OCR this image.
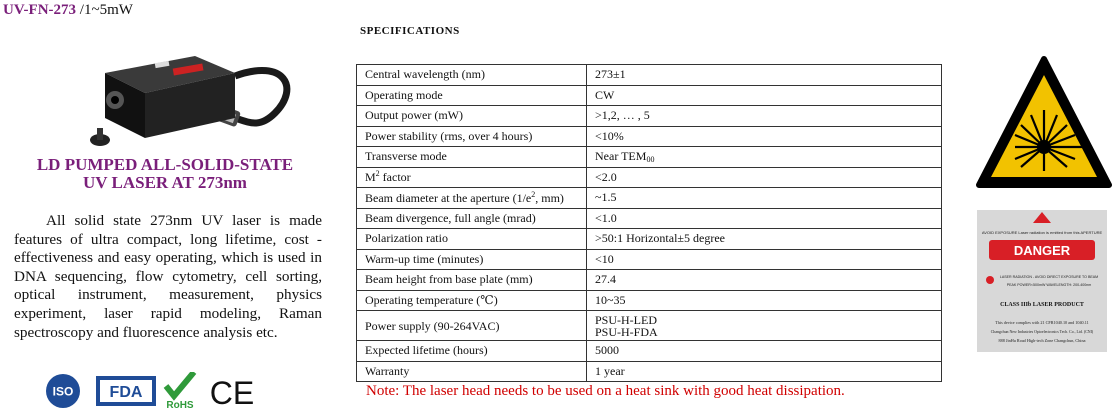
UV-FN-273 /1~5mW
LD PUMPED ALL-SOLID-STATE
UV LASER AT 273nm
All solid state 273nm UV laser is made features of ultra compact, long lifetime, cost -effectiveness and easy operating, which is used in DNA sequencing, flow cytometry, cell sorting, optical instrument, measurement, physics experiment, laser rapid modeling, Raman spectroscopy and fluorescence analysis etc.
ISO FDA
RoHS CE
SPECIFICATIONS
Central wavelength (nm)	273±1
Operating mode	CW
Output power (mW)	>1,2, … , 5
Power stability (rms, over 4 hours)	<10%
Transverse mode	Near $TEM_{00}$
$M^2$ factor	<2.0
Beam diameter at the aperture ($1/e^2$, mm)	~1.5
Beam divergence, full angle (mrad)	<1.0
Polarization ratio	>50:1 Horizontal±5 degree
Warm-up time (minutes)	<10
Beam height from base plate (mm)	27.4
Operating temperature (℃)	10~35
Power supply (90-264VAC)	PSU-H-LED
PSU-H-FDA

Expected lifetime (hours)	5000
Warranty	1 year
Note: The laser head needs to be used on a heat sink with good heat dissipation.
AVOID EXPOSURE Laser radiation is emitted from this APERTURE
DANGER
LASER RADIATION - AVOID DIRECT EXPOSURE TO BEAM
PEAK POWER<500mW WAVELENGTH: 200-400nm
CLASS IIIb LASER PRODUCT
This device complies with 21 CFR1040.10 and 1040.11
Changchun New Industries Optoelectronics Tech. Co., Ltd. (CNI)
888 JinHu Road High-tech Zone Changchun, China
